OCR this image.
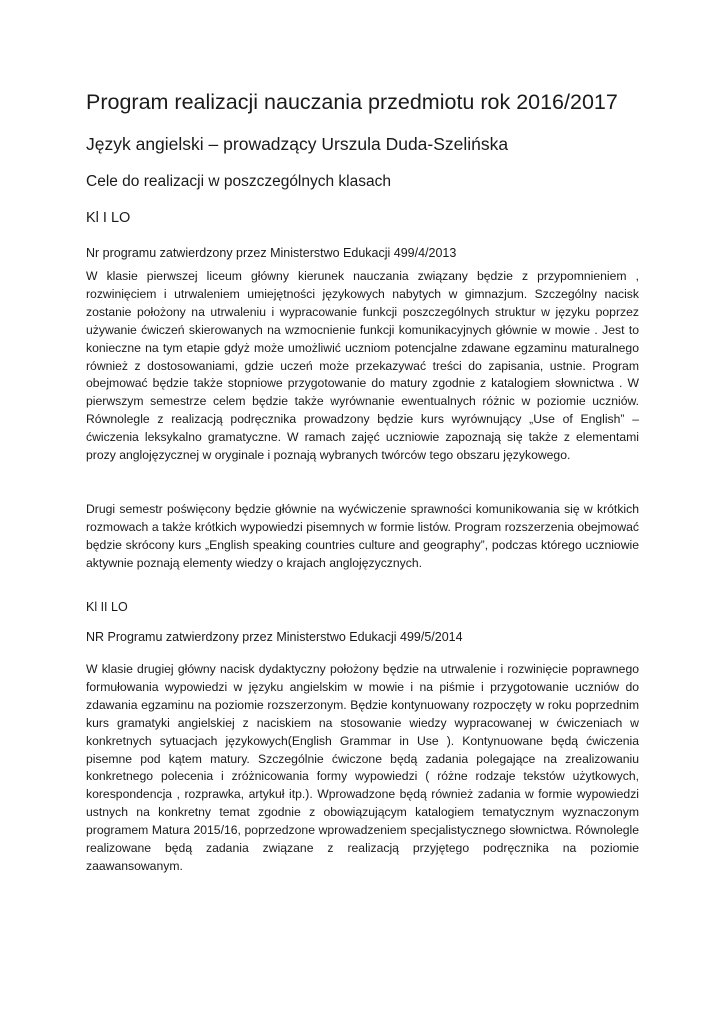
Program realizacji nauczania przedmiotu rok 2016/2017
Język angielski – prowadzący Urszula Duda-Szelińska
Cele do realizacji w poszczególnych klasach
Kl I LO

Nr programu zatwierdzony przez Ministerstwo Edukacji 499/4/2013

W klasie pierwszej liceum główny kierunek nauczania związany będzie z przypomnieniem , rozwinięciem i utrwaleniem umiejętności językowych nabytych w gimnazjum. Szczególny nacisk zostanie położony na utrwaleniu i wypracowanie funkcji poszczególnych struktur w języku poprzez używanie ćwiczeń skierowanych na wzmocnienie funkcji komunikacyjnych głównie w mowie . Jest to konieczne na tym etapie gdyż może umożliwić uczniom potencjalne zdawane egzaminu maturalnego również z dostosowaniami, gdzie uczeń może przekazywać treści do zapisania, ustnie. Program obejmować będzie także stopniowe przygotowanie do matury zgodnie z katalogiem słownictwa . W pierwszym semestrze celem będzie także wyrównanie ewentualnych różnic w poziomie uczniów. Równolegle z realizacją podręcznika prowadzony będzie kurs wyrównujący „Use of English” – ćwiczenia leksykalno gramatyczne. W ramach zajęć uczniowie zapoznają się także z elementami prozy anglojęzycznej w oryginale i poznają wybranych twórców tego obszaru językowego.

Drugi semestr poświęcony będzie głównie na wyćwiczenie sprawności komunikowania się w krótkich rozmowach a także krótkich wypowiedzi pisemnych w formie listów. Program rozszerzenia obejmować będzie skrócony kurs „English speaking countries culture and geography”, podczas którego uczniowie aktywnie poznają elementy wiedzy o krajach anglojęzycznych.

Kl II LO

NR Programu zatwierdzony przez Ministerstwo Edukacji 499/5/2014

W klasie drugiej główny nacisk dydaktyczny położony będzie na utrwalenie i rozwinięcie poprawnego formułowania wypowiedzi w języku angielskim w mowie i na piśmie i przygotowanie uczniów do zdawania egzaminu na poziomie rozszerzonym. Będzie kontynuowany rozpoczęty w roku poprzednim kurs gramatyki angielskiej z naciskiem na stosowanie wiedzy wypracowanej w ćwiczeniach w konkretnych sytuacjach językowych(English Grammar in Use ). Kontynuowane będą ćwiczenia pisemne pod kątem matury. Szczególnie ćwiczone będą zadania polegające na zrealizowaniu konkretnego polecenia i zróżnicowania formy wypowiedzi ( różne rodzaje tekstów użytkowych, korespondencja , rozprawka, artykuł itp.). Wprowadzone będą również zadania w formie wypowiedzi ustnych na konkretny temat zgodnie z obowiązującym katalogiem tematycznym wyznaczonym programem Matura 2015/16, poprzedzone wprowadzeniem specjalistycznego słownictwa. Równolegle realizowane będą zadania związane z realizacją przyjętego podręcznika na poziomie zaawansowanym.
